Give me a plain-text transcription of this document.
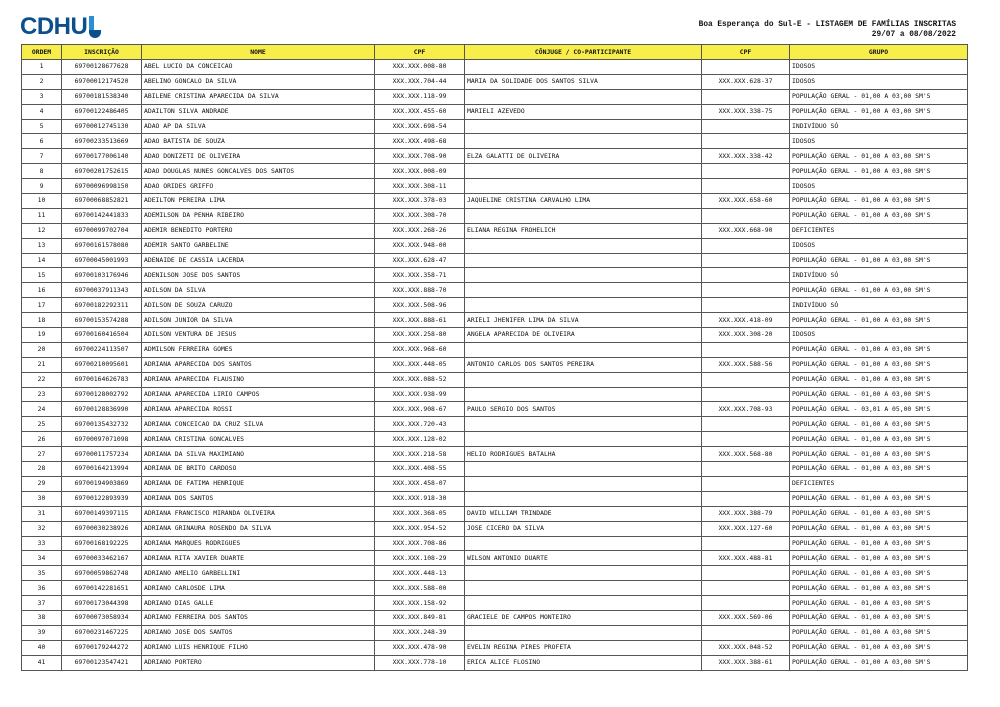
CDHU	Boa Esperança do Sul-E - LISTAGEM DE FAMÍLIAS INSCRITAS
29/07 a 08/08/2022
ORDEM	INSCRIÇÃO	NOME	CPF	CÔNJUGE / CO-PARTICIPANTE	CPF	GRUPO
1	69700128677628	ABEL LUCIO DA CONCEICAO	XXX.XXX.008-80			IDOSOS
2	69700012174520	ABELINO GONCALO DA SILVA	XXX.XXX.704-44	MARIA DA SOLIDADE DOS SANTOS SILVA	XXX.XXX.628-37	IDOSOS
3	69700181538340	ABILENE CRISTINA APARECIDA DA SILVA	XXX.XXX.118-99			POPULAÇÃO GERAL - 01,00 A 03,00 SM'S
4	69700122486405	ADAILTON SILVA ANDRADE	XXX.XXX.455-60	MARIELI AZEVEDO	XXX.XXX.338-75	POPULAÇÃO GERAL - 01,00 A 03,00 SM'S
5	69700012745130	ADAO AP DA SILVA	XXX.XXX.698-54			INDIVÍDUO SÓ
6	69700233513669	ADAO BATISTA DE SOUZA	XXX.XXX.498-68			IDOSOS
7	69700177006140	ADAO DONIZETI DE OLIVEIRA	XXX.XXX.708-90	ELZA GALATTI DE OLIVEIRA	XXX.XXX.338-42	POPULAÇÃO GERAL - 01,00 A 03,00 SM'S
8	69700201752615	ADAO DOUGLAS NUNES GONCALVES DOS SANTOS	XXX.XXX.008-09			POPULAÇÃO GERAL - 01,00 A 03,00 SM'S
9	69700096998150	ADAO ORIDES GRIFFO	XXX.XXX.308-11			IDOSOS
10	69700068852821	ADEILTON PEREIRA LIMA	XXX.XXX.378-03	JAQUELINE CRISTINA CARVALHO LIMA	XXX.XXX.658-60	POPULAÇÃO GERAL - 01,00 A 03,00 SM'S
11	69700142441833	ADEMILSON DA PENHA RIBEIRO	XXX.XXX.308-70			POPULAÇÃO GERAL - 01,00 A 03,00 SM'S
12	69700099702704	ADEMIR BENEDITO PORTERO	XXX.XXX.268-26	ELIANA REGINA FROHELICH	XXX.XXX.668-90	DEFICIENTES
13	69700161578080	ADEMIR SANTO GARBELINE	XXX.XXX.948-00			IDOSOS
14	69700045001993	ADENAIDE DE CASSIA LACERDA	XXX.XXX.628-47			POPULAÇÃO GERAL - 01,00 A 03,00 SM'S
15	69700103176946	ADENILSON JOSE DOS SANTOS	XXX.XXX.358-71			INDIVÍDUO SÓ
16	69700037911343	ADILSON DA SILVA	XXX.XXX.888-70			POPULAÇÃO GERAL - 01,00 A 03,00 SM'S
17	69700182292311	ADILSON DE SOUZA CARUZO	XXX.XXX.508-96			INDIVÍDUO SÓ
18	69700153574288	ADILSON JUNIOR DA SILVA	XXX.XXX.888-61	ARIELI JHENIFER LIMA DA SILVA	XXX.XXX.418-09	POPULAÇÃO GERAL - 01,00 A 03,00 SM'S
19	69700160416504	ADILSON VENTURA DE JESUS	XXX.XXX.258-80	ANGELA APARECIDA DE OLIVEIRA	XXX.XXX.308-20	IDOSOS
20	69700224113507	ADMILSON FERREIRA GOMES	XXX.XXX.968-60			POPULAÇÃO GERAL - 01,00 A 03,00 SM'S
21	69700210095601	ADRIANA APARECIDA DOS SANTOS	XXX.XXX.448-05	ANTONIO CARLOS DOS SANTOS PEREIRA	XXX.XXX.588-56	POPULAÇÃO GERAL - 01,00 A 03,00 SM'S
22	69700164626783	ADRIANA APARECIDA FLAUSINO	XXX.XXX.088-52			POPULAÇÃO GERAL - 01,00 A 03,00 SM'S
23	69700128002792	ADRIANA APARECIDA LIRIO CAMPOS	XXX.XXX.938-99			POPULAÇÃO GERAL - 01,00 A 03,00 SM'S
24	69700128836990	ADRIANA APARECIDA ROSSI	XXX.XXX.908-67	PAULO SERGIO DOS SANTOS	XXX.XXX.708-93	POPULAÇÃO GERAL - 03,01 A 05,00 SM'S
25	69700135432732	ADRIANA CONCEICAO DA CRUZ SILVA	XXX.XXX.720-43			POPULAÇÃO GERAL - 01,00 A 03,00 SM'S
26	69700097071098	ADRIANA CRISTINA GONCALVES	XXX.XXX.128-02			POPULAÇÃO GERAL - 01,00 A 03,00 SM'S
27	69700011757234	ADRIANA DA SILVA MAXIMIANO	XXX.XXX.218-58	HELIO RODRIGUES BATALHA	XXX.XXX.568-80	POPULAÇÃO GERAL - 01,00 A 03,00 SM'S
28	69700164213994	ADRIANA DE BRITO CARDOSO	XXX.XXX.408-55			POPULAÇÃO GERAL - 01,00 A 03,00 SM'S
29	69700194903869	ADRIANA DE FATIMA HENRIQUE	XXX.XXX.458-07			DEFICIENTES
30	69700122893939	ADRIANA DOS SANTOS	XXX.XXX.918-30			POPULAÇÃO GERAL - 01,00 A 03,00 SM'S
31	69700149397115	ADRIANA FRANCISCO MIRANDA OLIVEIRA	XXX.XXX.368-05	DAVID WILLIAM TRINDADE	XXX.XXX.388-79	POPULAÇÃO GERAL - 01,00 A 03,00 SM'S
32	69700030238926	ADRIANA GRINAURA ROSENDO DA SILVA	XXX.XXX.954-52	JOSE CICERO DA SILVA	XXX.XXX.127-60	POPULAÇÃO GERAL - 01,00 A 03,00 SM'S
33	69700168192225	ADRIANA MARQUES RODRIGUES	XXX.XXX.708-86			POPULAÇÃO GERAL - 01,00 A 03,00 SM'S
34	69700033462167	ADRIANA RITA XAVIER DUARTE	XXX.XXX.108-29	WILSON ANTONIO DUARTE	XXX.XXX.488-81	POPULAÇÃO GERAL - 01,00 A 03,00 SM'S
35	69700059862748	ADRIANO AMELIO GARBELLINI	XXX.XXX.448-13			POPULAÇÃO GERAL - 01,00 A 03,00 SM'S
36	69700142281651	ADRIANO CARLOSDE LIMA	XXX.XXX.588-00			POPULAÇÃO GERAL - 01,00 A 03,00 SM'S
37	69700173044398	ADRIANO DIAS GALLE	XXX.XXX.158-92			POPULAÇÃO GERAL - 01,00 A 03,00 SM'S
38	69700073058934	ADRIANO FERREIRA DOS SANTOS	XXX.XXX.849-81	GRACIELE DE CAMPOS MONTEIRO	XXX.XXX.569-06	POPULAÇÃO GERAL - 01,00 A 03,00 SM'S
39	69700231467225	ADRIANO JOSE DOS SANTOS	XXX.XXX.248-39			POPULAÇÃO GERAL - 01,00 A 03,00 SM'S
40	69700179244272	ADRIANO LUIS HENRIQUE FILHO	XXX.XXX.478-90	EVELIN REGINA PIRES PROFETA	XXX.XXX.048-52	POPULAÇÃO GERAL - 01,00 A 03,00 SM'S
41	69700123547421	ADRIANO PORTERO	XXX.XXX.778-10	ERICA ALICE FLOSINO	XXX.XXX.388-61	POPULAÇÃO GERAL - 01,00 A 03,00 SM'S
